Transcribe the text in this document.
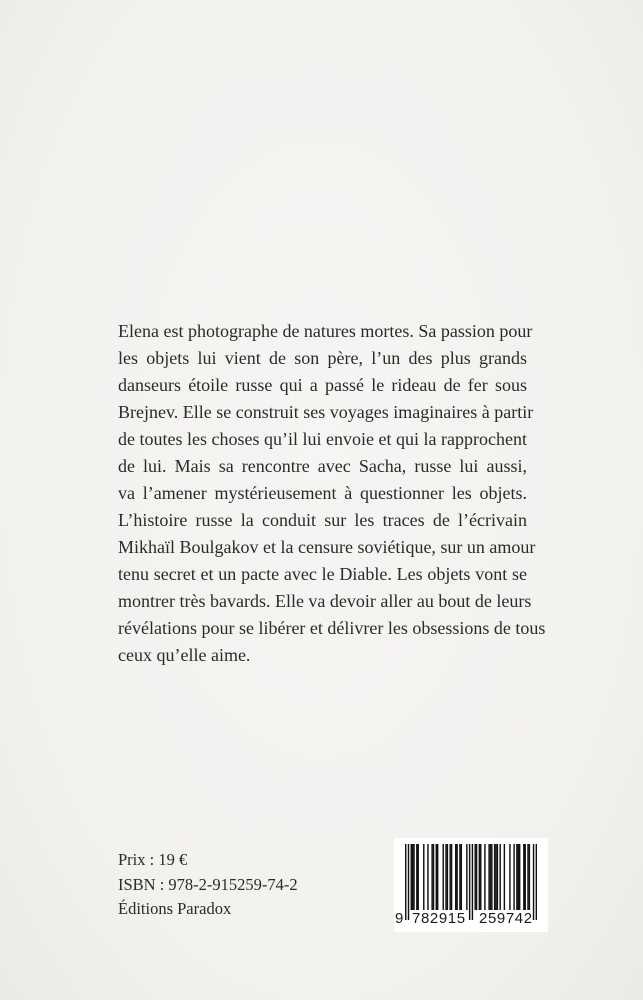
Elena est photographe de natures mortes. Sa passion pour
les objets lui vient de son père, l’un des plus grands
danseurs étoile russe qui a passé le rideau de fer sous
Brejnev. Elle se construit ses voyages imaginaires à partir
de toutes les choses qu’il lui envoie et qui la rapprochent
de lui. Mais sa rencontre avec Sacha, russe lui aussi,
va l’amener mystérieusement à questionner les objets.
L’histoire russe la conduit sur les traces de l’écrivain
Mikhaïl Boulgakov et la censure soviétique, sur un amour
tenu secret et un pacte avec le Diable. Les objets vont se
montrer très bavards. Elle va devoir aller au bout de leurs
révélations pour se libérer et délivrer les obsessions de tous
ceux qu’elle aime.

Prix : 19 €
ISBN : 978-2-915259-74-2
Éditions Paradox
9 782915 259742
